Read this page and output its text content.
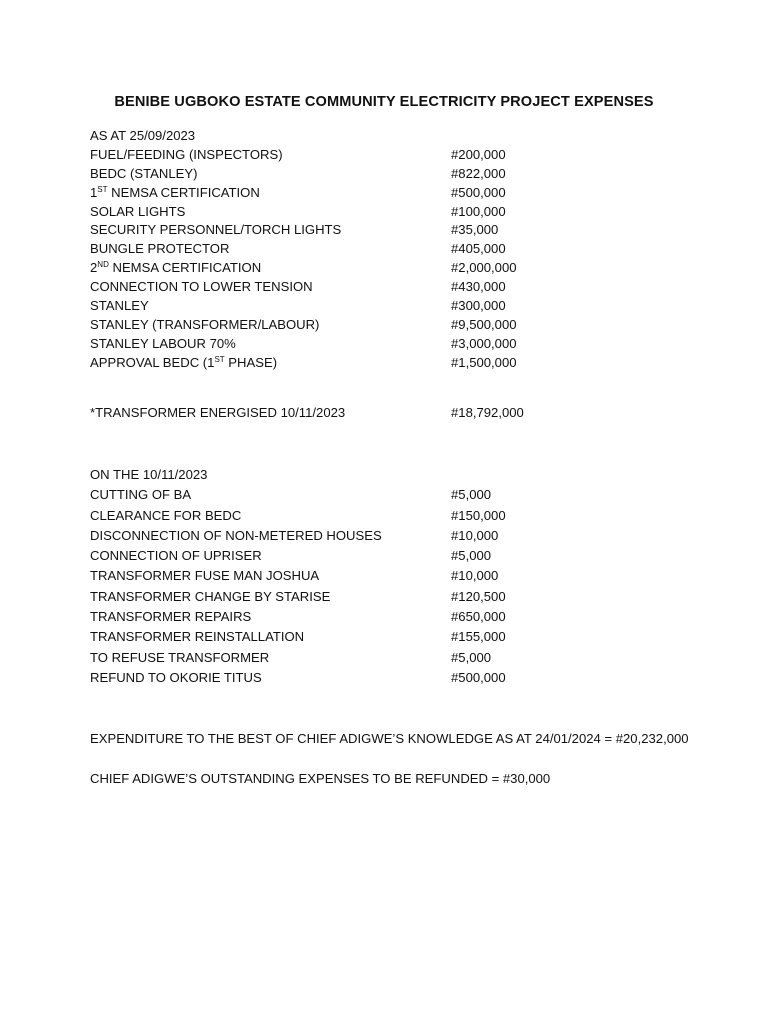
BENIBE UGBOKO ESTATE COMMUNITY ELECTRICITY PROJECT EXPENSES
AS AT 25/09/2023
FUEL/FEEDING (INSPECTORS)	#200,000
BEDC (STANLEY)	#822,000
1ST NEMSA CERTIFICATION	#500,000
SOLAR LIGHTS	#100,000
SECURITY PERSONNEL/TORCH LIGHTS	#35,000
BUNGLE PROTECTOR	#405,000
2ND NEMSA CERTIFICATION	#2,000,000
CONNECTION TO LOWER TENSION	#430,000
STANLEY	#300,000
STANLEY (TRANSFORMER/LABOUR)	#9,500,000
STANLEY LABOUR 70%	#3,000,000
APPROVAL BEDC (1ST PHASE)	#1,500,000
*TRANSFORMER ENERGISED 10/11/2023	#18,792,000
ON THE 10/11/2023
CUTTING OF BA	#5,000
CLEARANCE FOR BEDC	#150,000
DISCONNECTION OF NON-METERED HOUSES	#10,000
CONNECTION OF UPRISER	#5,000
TRANSFORMER FUSE MAN JOSHUA	#10,000
TRANSFORMER CHANGE BY STARISE	#120,500
TRANSFORMER REPAIRS	#650,000
TRANSFORMER REINSTALLATION	#155,000
TO REFUSE TRANSFORMER	#5,000
REFUND TO OKORIE TITUS	#500,000
EXPENDITURE TO THE BEST OF CHIEF ADIGWE’S KNOWLEDGE AS AT 24/01/2024 = #20,232,000
CHIEF ADIGWE’S OUTSTANDING EXPENSES TO BE REFUNDED = #30,000
